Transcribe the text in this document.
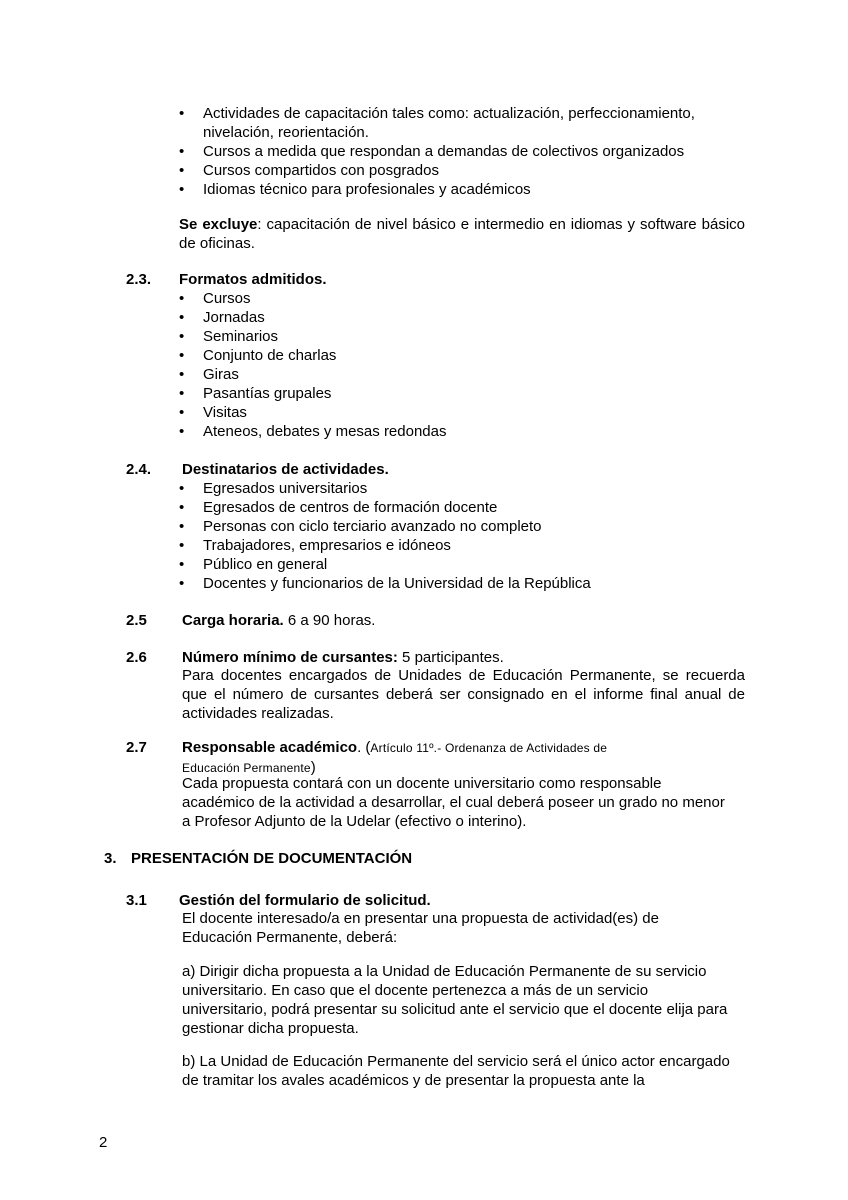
• Actividades de capacitación tales como: actualización, perfeccionamiento, nivelación, reorientación.
• Cursos a medida que respondan a demandas de colectivos organizados
• Cursos compartidos con posgrados
• Idiomas técnico para profesionales y académicos
Se excluye: capacitación de nivel básico e intermedio en idiomas y software básico de oficinas.
2.3. Formatos admitidos.
• Cursos
• Jornadas
• Seminarios
• Conjunto de charlas
• Giras
• Pasantías grupales
• Visitas
• Ateneos, debates y mesas redondas
2.4. Destinatarios de actividades.
• Egresados universitarios
• Egresados de centros de formación docente
• Personas con ciclo terciario avanzado no completo
• Trabajadores, empresarios e idóneos
• Público en general
• Docentes y funcionarios de la Universidad de la República
2.5 Carga horaria. 6 a 90 horas.
2.6 Número mínimo de cursantes: 5 participantes.
Para docentes encargados de Unidades de Educación Permanente, se recuerda que el número de cursantes deberá ser consignado en el informe final anual de actividades realizadas.
2.7 Responsable académico. (Artículo 11º.- Ordenanza de Actividades de
Educación Permanente)
Cada propuesta contará con un docente universitario como responsable académico de la actividad a desarrollar, el cual deberá poseer un grado no menor a Profesor Adjunto de la Udelar (efectivo o interino).
3. PRESENTACIÓN DE DOCUMENTACIÓN
3.1 Gestión del formulario de solicitud.
El docente interesado/a en presentar una propuesta de actividad(es) de Educación Permanente, deberá:
a) Dirigir dicha propuesta a la Unidad de Educación Permanente de su servicio universitario. En caso que el docente pertenezca a más de un servicio universitario, podrá presentar su solicitud ante el servicio que el docente elija para gestionar dicha propuesta.
b) La Unidad de Educación Permanente del servicio será el único actor encargado de tramitar los avales académicos y de presentar la propuesta ante la
2
